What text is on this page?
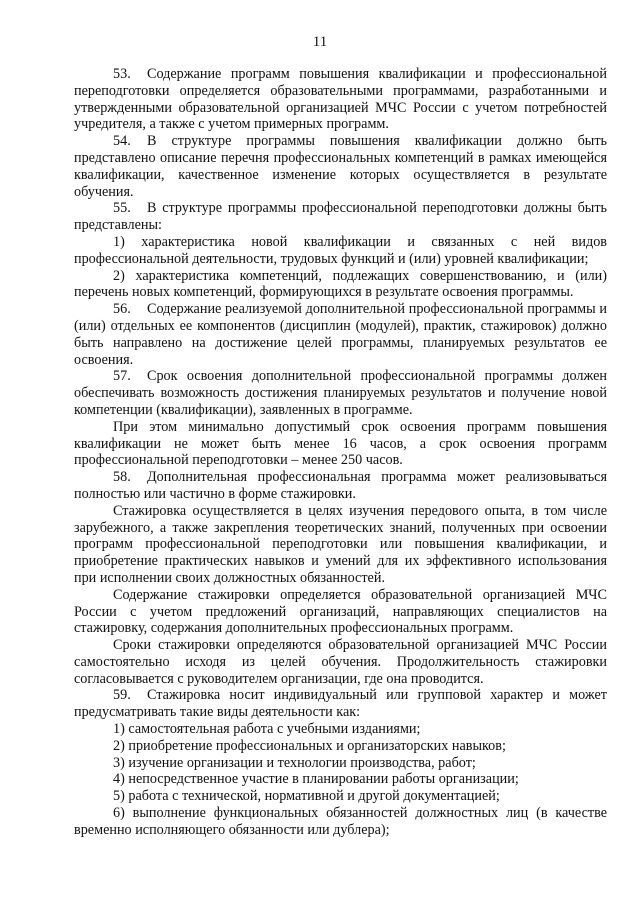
11

53. Содержание программ повышения квалификации и профессиональной переподготовки определяется образовательными программами, разработанными и утвержденными образовательной организацией МЧС России с учетом потребностей учредителя, а также с учетом примерных программ.

54. В структуре программы повышения квалификации должно быть представлено описание перечня профессиональных компетенций в рамках имеющейся квалификации, качественное изменение которых осуществляется в результате обучения.

55. В структуре программы профессиональной переподготовки должны быть представлены:

1) характеристика новой квалификации и связанных с ней видов профессиональной деятельности, трудовых функций и (или) уровней квалификации;

2) характеристика компетенций, подлежащих совершенствованию, и (или) перечень новых компетенций, формирующихся в результате освоения программы.

56. Содержание реализуемой дополнительной профессиональной программы и (или) отдельных ее компонентов (дисциплин (модулей), практик, стажировок) должно быть направлено на достижение целей программы, планируемых результатов ее освоения.

57. Срок освоения дополнительной профессиональной программы должен обеспечивать возможность достижения планируемых результатов и получение новой компетенции (квалификации), заявленных в программе.

При этом минимально допустимый срок освоения программ повышения квалификации не может быть менее 16 часов, а срок освоения программ профессиональной переподготовки – менее 250 часов.

58. Дополнительная профессиональная программа может реализовываться полностью или частично в форме стажировки.

Стажировка осуществляется в целях изучения передового опыта, в том числе зарубежного, а также закрепления теоретических знаний, полученных при освоении программ профессиональной переподготовки или повышения квалификации, и приобретение практических навыков и умений для их эффективного использования при исполнении своих должностных обязанностей.

Содержание стажировки определяется образовательной организацией МЧС России с учетом предложений организаций, направляющих специалистов на стажировку, содержания дополнительных профессиональных программ.

Сроки стажировки определяются образовательной организацией МЧС России самостоятельно исходя из целей обучения. Продолжительность стажировки согласовывается с руководителем организации, где она проводится.

59. Стажировка носит индивидуальный или групповой характер и может предусматривать такие виды деятельности как:

1) самостоятельная работа с учебными изданиями;

2) приобретение профессиональных и организаторских навыков;

3) изучение организации и технологии производства, работ;

4) непосредственное участие в планировании работы организации;

5) работа с технической, нормативной и другой документацией;

6) выполнение функциональных обязанностей должностных лиц (в качестве временно исполняющего обязанности или дублера);
